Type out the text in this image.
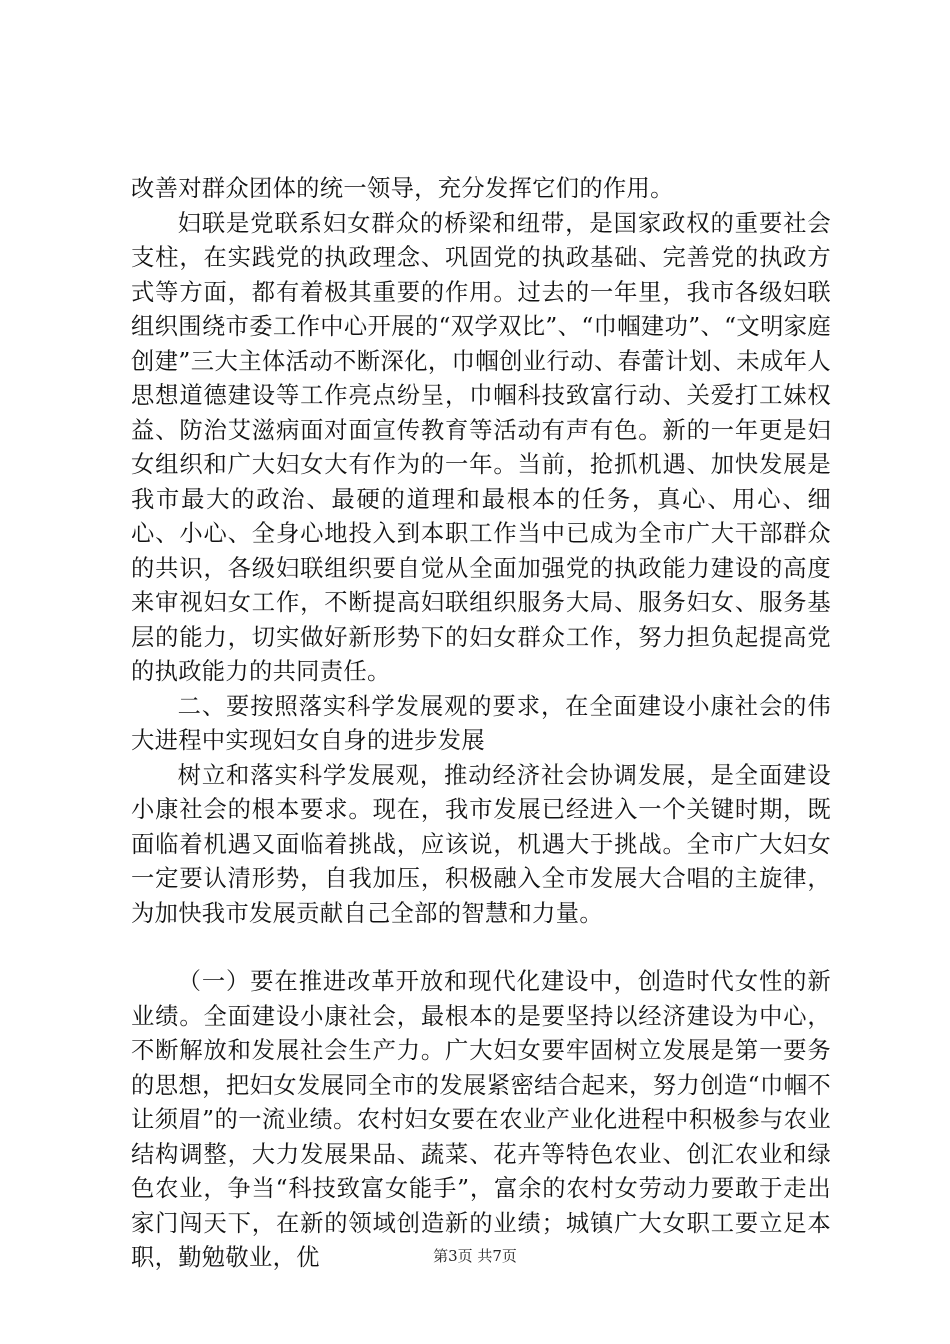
改善对群众团体的统一领导，充分发挥它们的作用。

妇联是党联系妇女群众的桥梁和纽带，是国家政权的重要社会支柱，在实践党的执政理念、巩固党的执政基础、完善党的执政方式等方面，都有着极其重要的作用。过去的一年里，我市各级妇联组织围绕市委工作中心开展的“双学双比”、“巾帼建功”、“文明家庭创建”三大主体活动不断深化，巾帼创业行动、春蕾计划、未成年人思想道德建设等工作亮点纷呈，巾帼科技致富行动、关爱打工妹权益、防治艾滋病面对面宣传教育等活动有声有色。新的一年更是妇女组织和广大妇女大有作为的一年。当前，抢抓机遇、加快发展是我市最大的政治、最硬的道理和最根本的任务，真心、用心、细心、小心、全身心地投入到本职工作当中已成为全市广大干部群众的共识，各级妇联组织要自觉从全面加强党的执政能力建设的高度来审视妇女工作，不断提高妇联组织服务大局、服务妇女、服务基层的能力，切实做好新形势下的妇女群众工作，努力担负起提高党的执政能力的共同责任。

二、要按照落实科学发展观的要求，在全面建设小康社会的伟大进程中实现妇女自身的进步发展

树立和落实科学发展观，推动经济社会协调发展，是全面建设小康社会的根本要求。现在，我市发展已经进入一个关键时期，既面临着机遇又面临着挑战，应该说，机遇大于挑战。全市广大妇女一定要认清形势，自我加压，积极融入全市发展大合唱的主旋律，为加快我市发展贡献自己全部的智慧和力量。

（一）要在推进改革开放和现代化建设中，创造时代女性的新业绩。全面建设小康社会，最根本的是要坚持以经济建设为中心，不断解放和发展社会生产力。广大妇女要牢固树立发展是第一要务的思想，把妇女发展同全市的发展紧密结合起来，努力创造“巾帼不让须眉”的一流业绩。农村妇女要在农业产业化进程中积极参与农业结构调整，大力发展果品、蔬菜、花卉等特色农业、创汇农业和绿色农业，争当“科技致富女能手”，富余的农村女劳动力要敢于走出家门闯天下，在新的领域创造新的业绩；城镇广大女职工要立足本职，勤勉敬业，优	第3页 共7页
